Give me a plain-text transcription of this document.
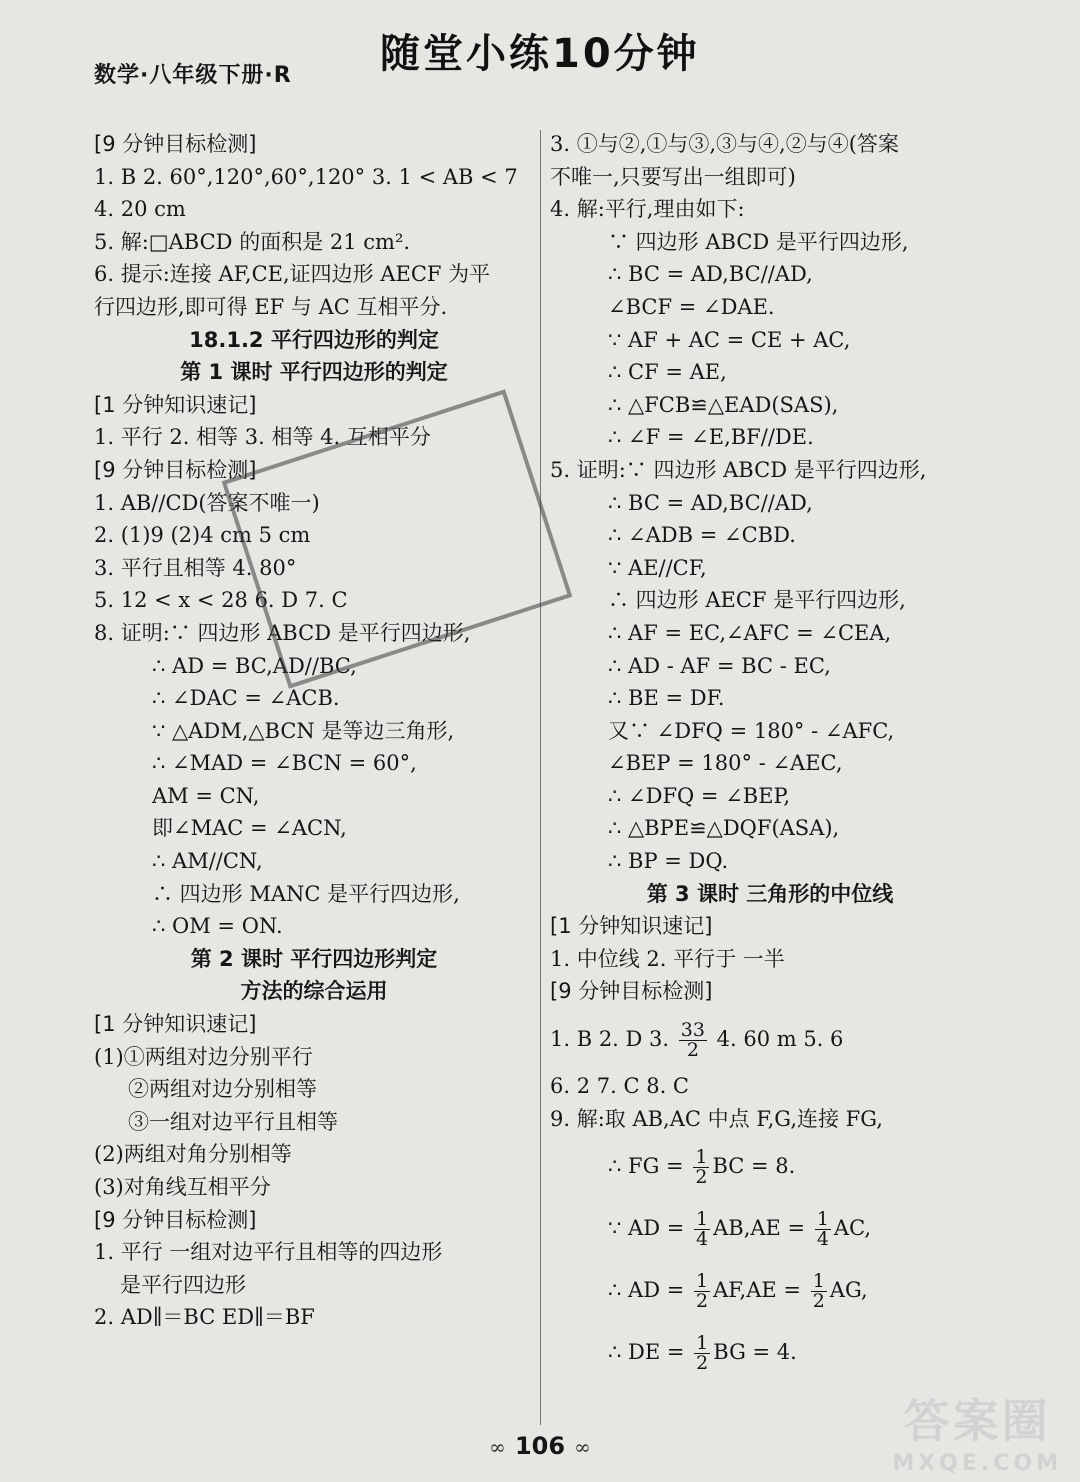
数学·八年级下册·R 随堂小练10分钟
[9 分钟目标检测]
1. B 2. 60°,120°,60°,120° 3. 1 < AB < 7
4. 20 cm
5. 解:□ABCD 的面积是 21 cm².
6. 提示:连接 AF,CE,证四边形 AECF 为平
行四边形,即可得 EF 与 AC 互相平分.
18.1.2 平行四边形的判定
第 1 课时 平行四边形的判定
[1 分钟知识速记]
1. 平行 2. 相等 3. 相等 4. 互相平分
[9 分钟目标检测]
1. AB//CD(答案不唯一)
2. (1)9 (2)4 cm 5 cm
3. 平行且相等 4. 80°
5. 12 < x < 28 6. D 7. C
8. 证明:∵ 四边形 ABCD 是平行四边形,
∴ AD = BC,AD//BC,
∴ ∠DAC = ∠ACB.
∵ △ADM,△BCN 是等边三角形,
∴ ∠MAD = ∠BCN = 60°,
AM = CN,
即∠MAC = ∠ACN,
∴ AM//CN,
∴ 四边形 MANC 是平行四边形,
∴ OM = ON.
第 2 课时 平行四边形判定
方法的综合运用
[1 分钟知识速记]
(1)①两组对边分别平行
②两组对边分别相等
③一组对边平行且相等
(2)两组对角分别相等
(3)对角线互相平分
[9 分钟目标检测]
1. 平行 一组对边平行且相等的四边形
是平行四边形
2. AD∥＝BC ED∥＝BF
3. ①与②,①与③,③与④,②与④(答案
不唯一,只要写出一组即可)
4. 解:平行,理由如下:
∵ 四边形 ABCD 是平行四边形,
∴ BC = AD,BC//AD,
∠BCF = ∠DAE.
∵ AF + AC = CE + AC,
∴ CF = AE,
∴ △FCB≌△EAD(SAS),
∴ ∠F = ∠E,BF//DE.
5. 证明:∵ 四边形 ABCD 是平行四边形,
∴ BC = AD,BC//AD,
∴ ∠ADB = ∠CBD.
∵ AE//CF,
∴ 四边形 AECF 是平行四边形,
∴ AF = EC,∠AFC = ∠CEA,
∴ AD - AF = BC - EC,
∴ BE = DF.
又∵ ∠DFQ = 180° - ∠AFC,
∠BEP = 180° - ∠AEC,
∴ ∠DFQ = ∠BEP,
∴ △BPE≌△DQF(ASA),
∴ BP = DQ.
第 3 课时 三角形的中位线
[1 分钟知识速记]
1. 中位线 2. 平行于 一半
[9 分钟目标检测]
1. B 2. D 3. $\frac{33}{2} 4$. 60 m 5. 6
6. 2 7. C 8. C
9. 解:取 AB,AC 中点 F,G,连接 FG,
∴ FG = $\frac{1}{2}$ BC = 8.
∵ AD = $\frac{1}{4} AB,AE = \frac{1}{4}$ AC,
∴ AD = $\frac{1}{2} AF,AE = \frac{1}{2}$ AG,
∴ DE = $\frac{1}{2}$ BG = 4.
∞ 106 ∞	答案圈
MXQE.COM
